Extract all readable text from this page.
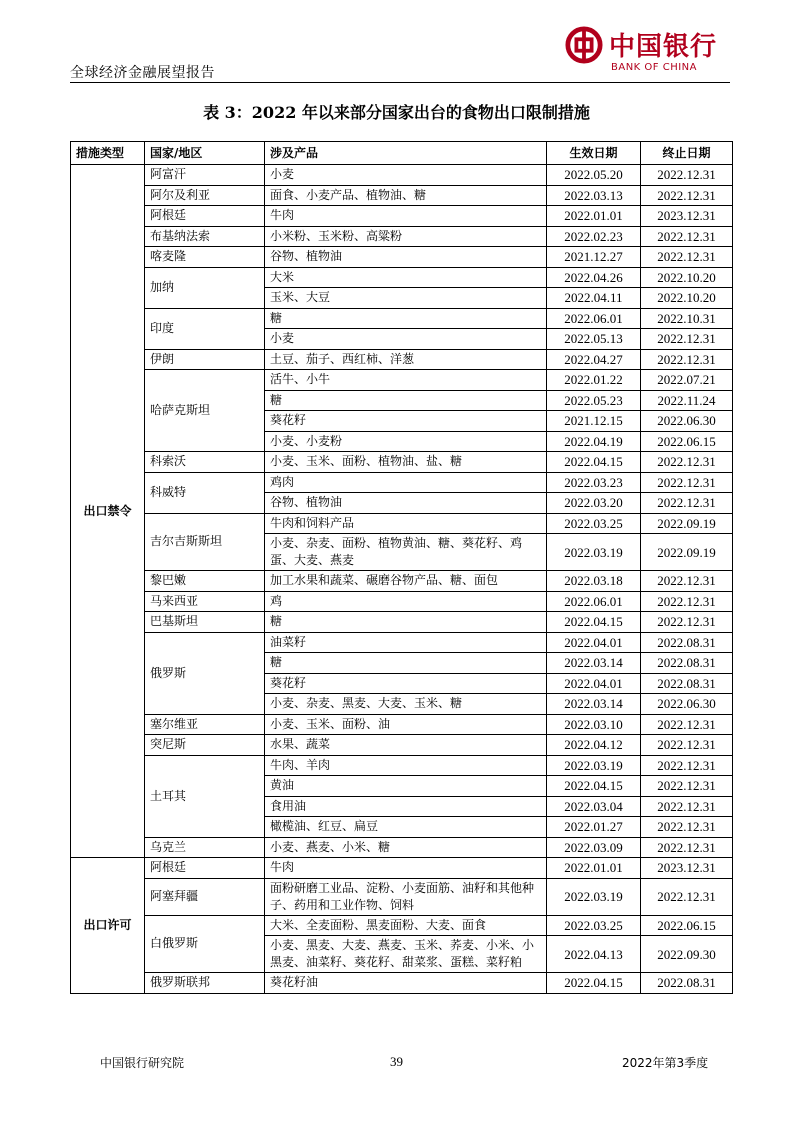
全球经济金融展望报告
中国银行
BANK OF CHINA
表 3：2022 年以来部分国家出台的食物出口限制措施
措施类型	国家/地区	涉及产品	生效日期	终止日期
出口禁令	阿富汗	小麦	2022.05.20	2022.12.31
	阿尔及利亚	面食、小麦产品、植物油、糖	2022.03.13	2022.12.31
	阿根廷	牛肉	2022.01.01	2023.12.31
	布基纳法索	小米粉、玉米粉、高粱粉	2022.02.23	2022.12.31
	喀麦隆	谷物、植物油	2021.12.27	2022.12.31
	加纳	大米	2022.04.26	2022.10.20
		玉米、大豆	2022.04.11	2022.10.20
	印度	糖	2022.06.01	2022.10.31
		小麦	2022.05.13	2022.12.31
	伊朗	土豆、茄子、西红柿、洋葱	2022.04.27	2022.12.31
	哈萨克斯坦	活牛、小牛	2022.01.22	2022.07.21
		糖	2022.05.23	2022.11.24
		葵花籽	2021.12.15	2022.06.30
		小麦、小麦粉	2022.04.19	2022.06.15
	科索沃	小麦、玉米、面粉、植物油、盐、糖	2022.04.15	2022.12.31
	科威特	鸡肉	2022.03.23	2022.12.31
		谷物、植物油	2022.03.20	2022.12.31
	吉尔吉斯斯坦	牛肉和饲料产品	2022.03.25	2022.09.19
		小麦、杂麦、面粉、植物黄油、糖、葵花籽、鸡蛋、大麦、燕麦	2022.03.19	2022.09.19
	黎巴嫩	加工水果和蔬菜、碾磨谷物产品、糖、面包	2022.03.18	2022.12.31
	马来西亚	鸡	2022.06.01	2022.12.31
	巴基斯坦	糖	2022.04.15	2022.12.31
	俄罗斯	油菜籽	2022.04.01	2022.08.31
		糖	2022.03.14	2022.08.31
		葵花籽	2022.04.01	2022.08.31
		小麦、杂麦、黑麦、大麦、玉米、糖	2022.03.14	2022.06.30
	塞尔维亚	小麦、玉米、面粉、油	2022.03.10	2022.12.31
	突尼斯	水果、蔬菜	2022.04.12	2022.12.31
	土耳其	牛肉、羊肉	2022.03.19	2022.12.31
		黄油	2022.04.15	2022.12.31
		食用油	2022.03.04	2022.12.31
		橄榄油、红豆、扁豆	2022.01.27	2022.12.31
	乌克兰	小麦、燕麦、小米、糖	2022.03.09	2022.12.31
出口许可	阿根廷	牛肉	2022.01.01	2023.12.31
	阿塞拜疆	面粉研磨工业品、淀粉、小麦面筋、油籽和其他种子、药用和工业作物、饲料	2022.03.19	2022.12.31
	白俄罗斯	大米、全麦面粉、黑麦面粉、大麦、面食	2022.03.25	2022.06.15
		小麦、黑麦、大麦、燕麦、玉米、荞麦、小米、小黑麦、油菜籽、葵花籽、甜菜浆、蛋糕、菜籽粕	2022.04.13	2022.09.30
	俄罗斯联邦	葵花籽油	2022.04.15	2022.08.31
中国银行研究院	39	2022年第3季度
